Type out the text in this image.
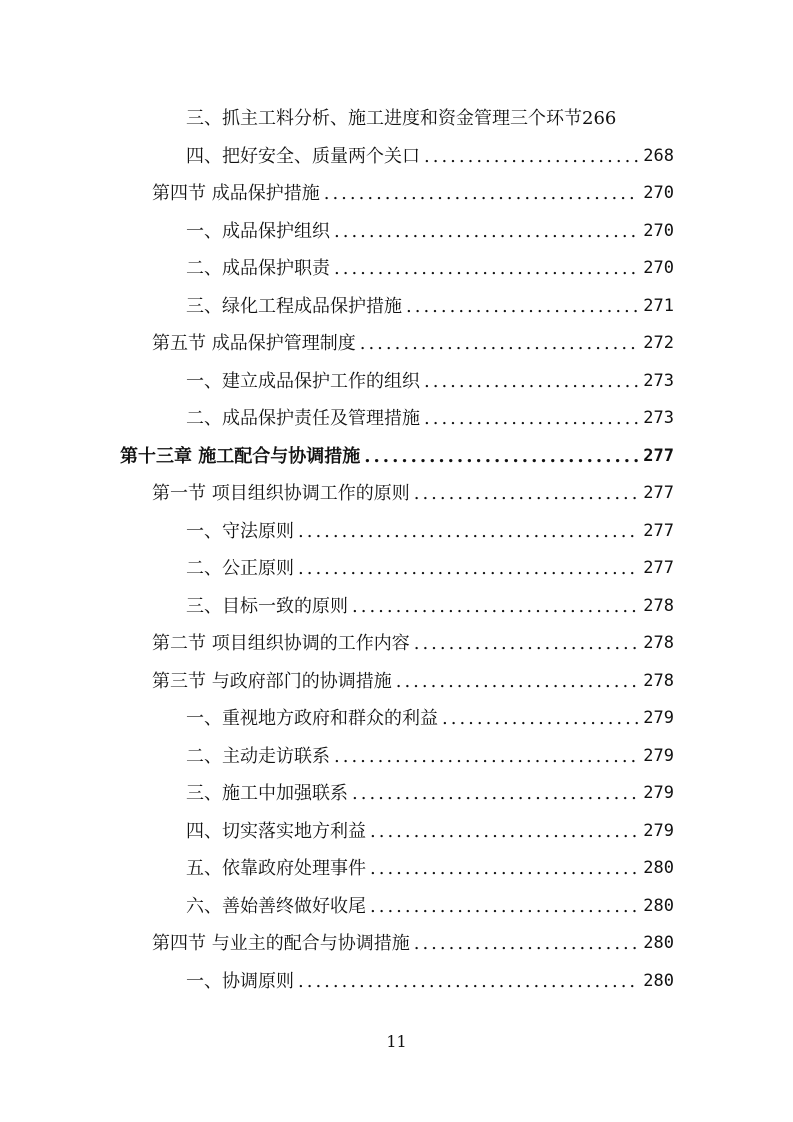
三、抓主工料分析、施工进度和资金管理三个环节 266
四、把好安全、质量两个关口 .....	268
第四节 成品保护措施 .....	270
一、成品保护组织 .....	270
二、成品保护职责 .....	270
三、绿化工程成品保护措施 .....	271
第五节 成品保护管理制度 .....	272
一、建立成品保护工作的组织 .....	273
二、成品保护责任及管理措施 .....	273
第十三章 施工配合与协调措施 .....	277
第一节 项目组织协调工作的原则 .....	277
一、守法原则 .....	277
二、公正原则 .....	277
三、目标一致的原则 .....	278
第二节 项目组织协调的工作内容 .....	278
第三节 与政府部门的协调措施 .....	278
一、重视地方政府和群众的利益 .....	279
二、主动走访联系 .....	279
三、施工中加强联系 .....	279
四、切实落实地方利益 .....	279
五、依靠政府处理事件 .....	280
六、善始善终做好收尾 .....	280
第四节 与业主的配合与协调措施 .....	280
一、协调原则 .....	280
11
